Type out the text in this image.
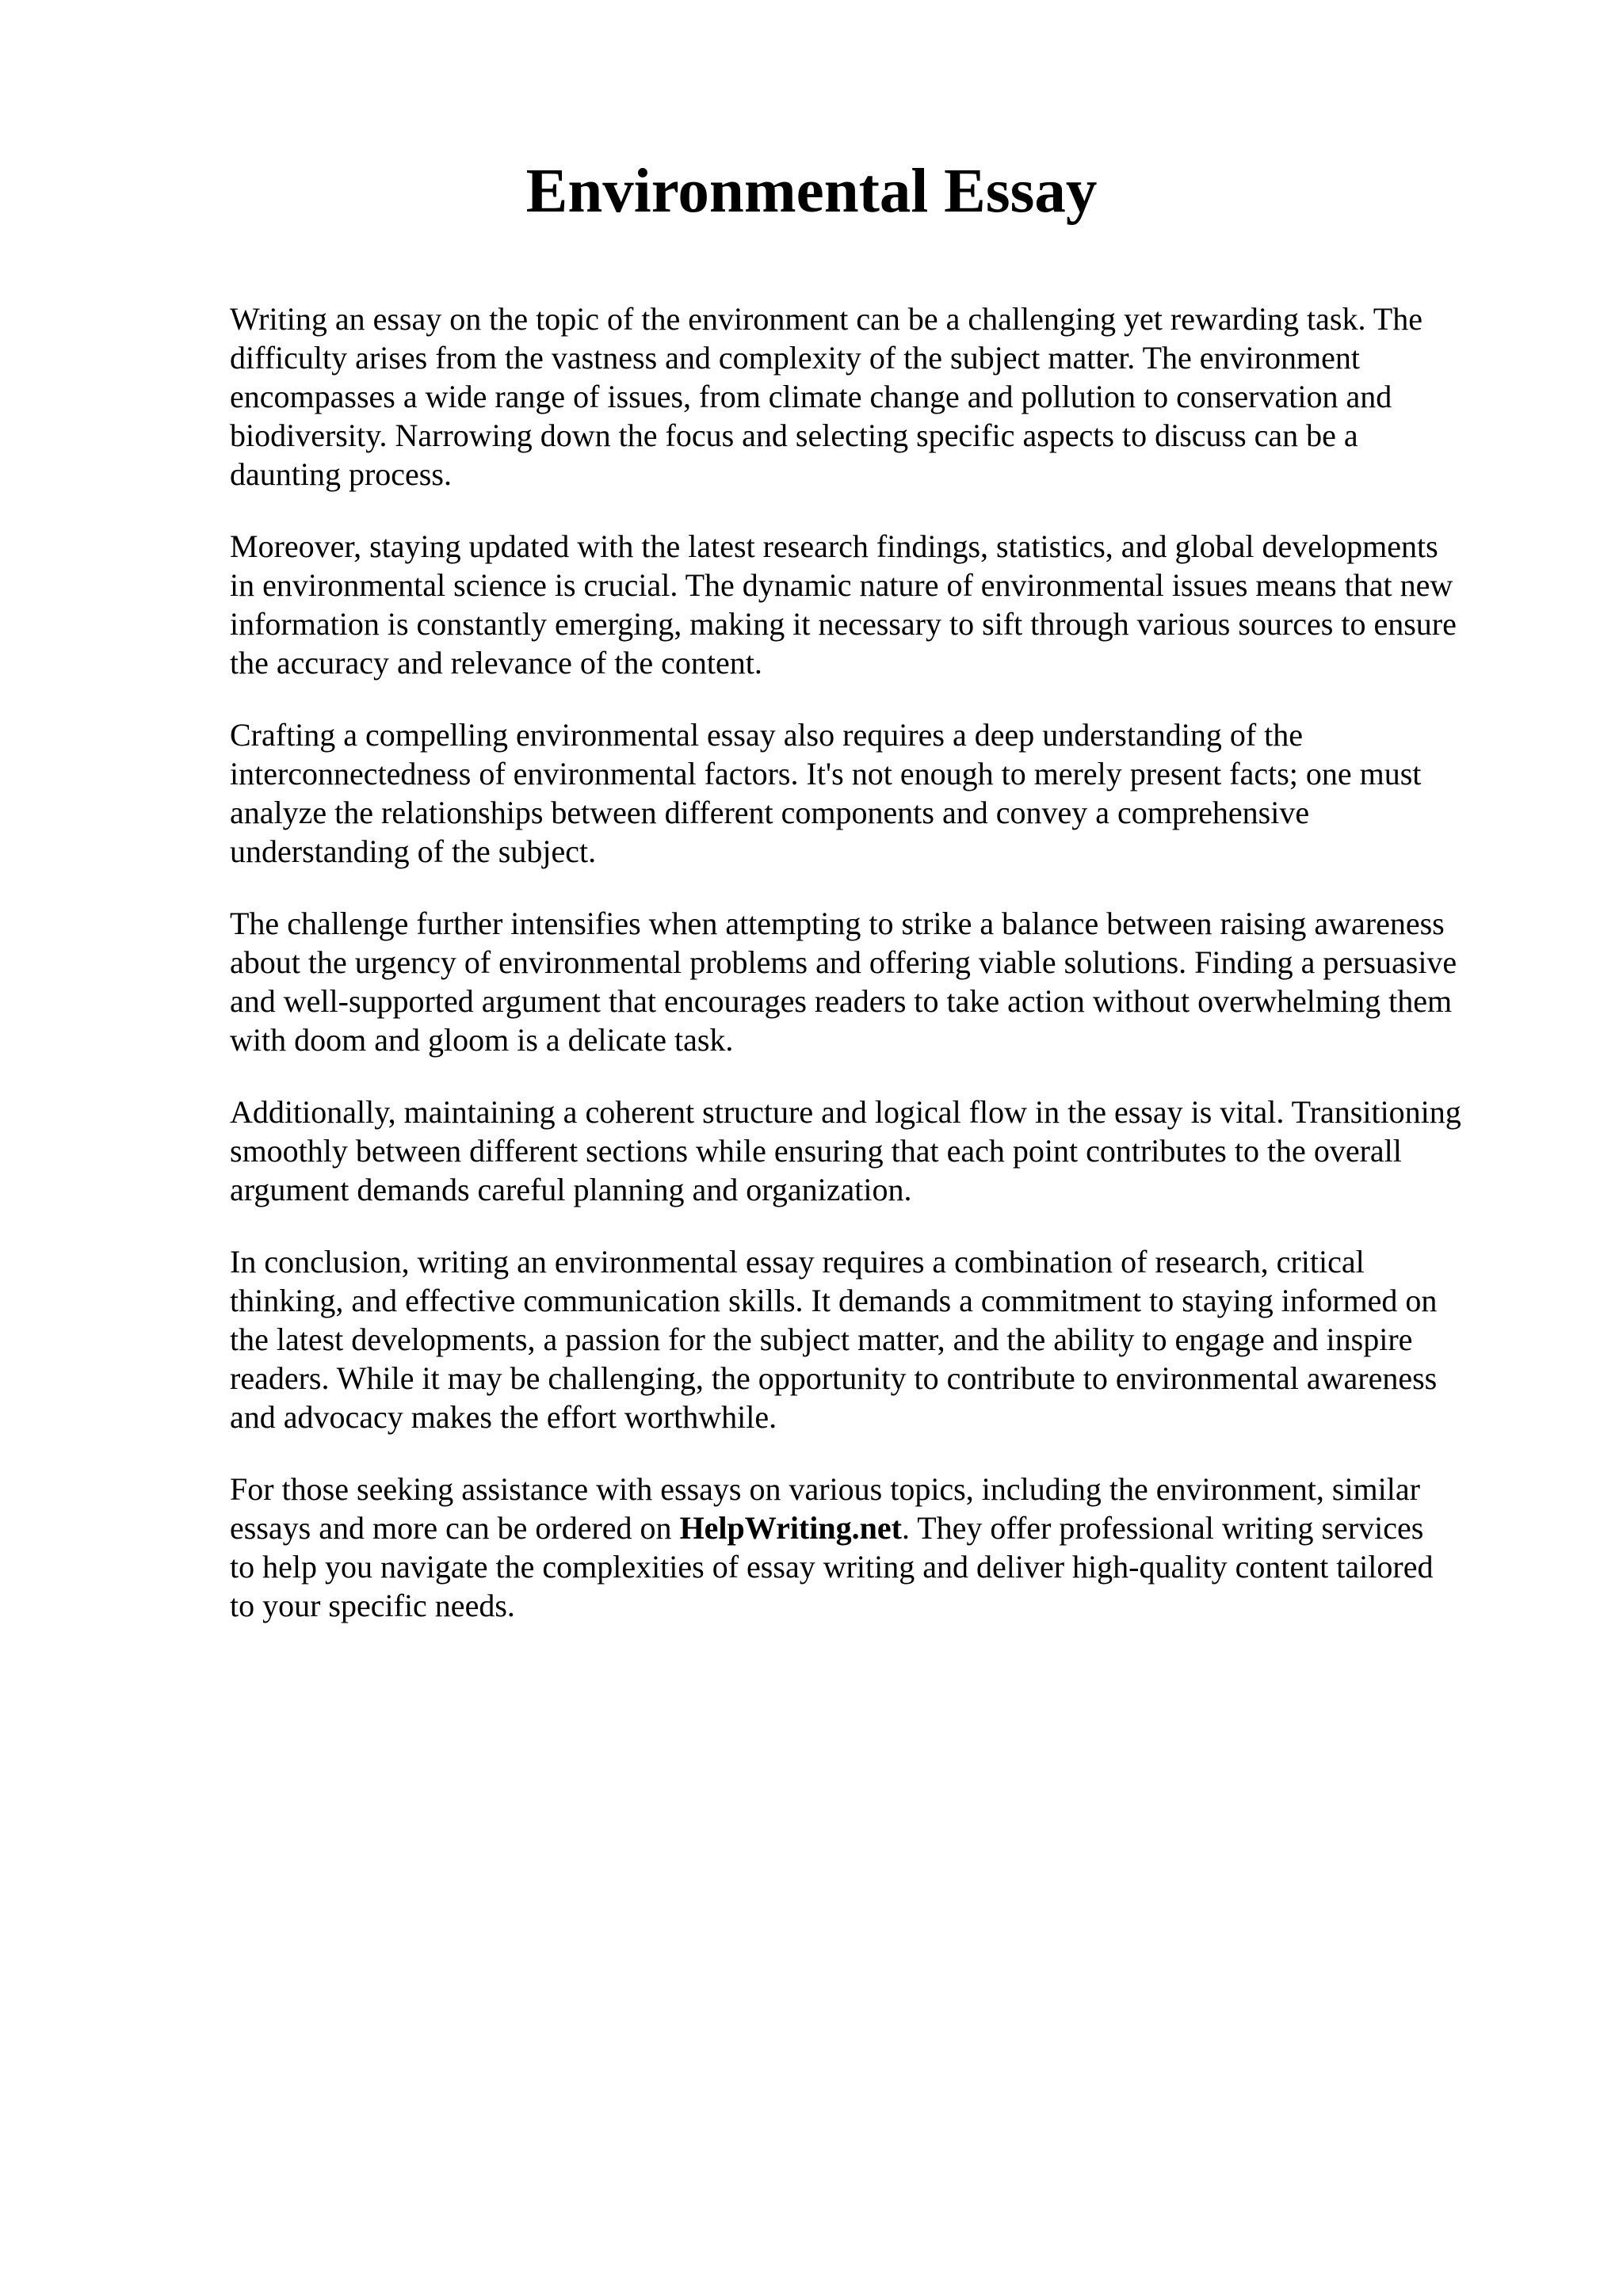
Environmental Essay

Writing an essay on the topic of the environment can be a challenging yet rewarding task. The
difficulty arises from the vastness and complexity of the subject matter. The environment
encompasses a wide range of issues, from climate change and pollution to conservation and
biodiversity. Narrowing down the focus and selecting specific aspects to discuss can be a
daunting process.

Moreover, staying updated with the latest research findings, statistics, and global developments
in environmental science is crucial. The dynamic nature of environmental issues means that new
information is constantly emerging, making it necessary to sift through various sources to ensure
the accuracy and relevance of the content.

Crafting a compelling environmental essay also requires a deep understanding of the
interconnectedness of environmental factors. It's not enough to merely present facts; one must
analyze the relationships between different components and convey a comprehensive
understanding of the subject.

The challenge further intensifies when attempting to strike a balance between raising awareness
about the urgency of environmental problems and offering viable solutions. Finding a persuasive
and well-supported argument that encourages readers to take action without overwhelming them
with doom and gloom is a delicate task.

Additionally, maintaining a coherent structure and logical flow in the essay is vital. Transitioning
smoothly between different sections while ensuring that each point contributes to the overall
argument demands careful planning and organization.

In conclusion, writing an environmental essay requires a combination of research, critical
thinking, and effective communication skills. It demands a commitment to staying informed on
the latest developments, a passion for the subject matter, and the ability to engage and inspire
readers. While it may be challenging, the opportunity to contribute to environmental awareness
and advocacy makes the effort worthwhile.

For those seeking assistance with essays on various topics, including the environment, similar
essays and more can be ordered on HelpWriting.net. They offer professional writing services
to help you navigate the complexities of essay writing and deliver high-quality content tailored
to your specific needs.
